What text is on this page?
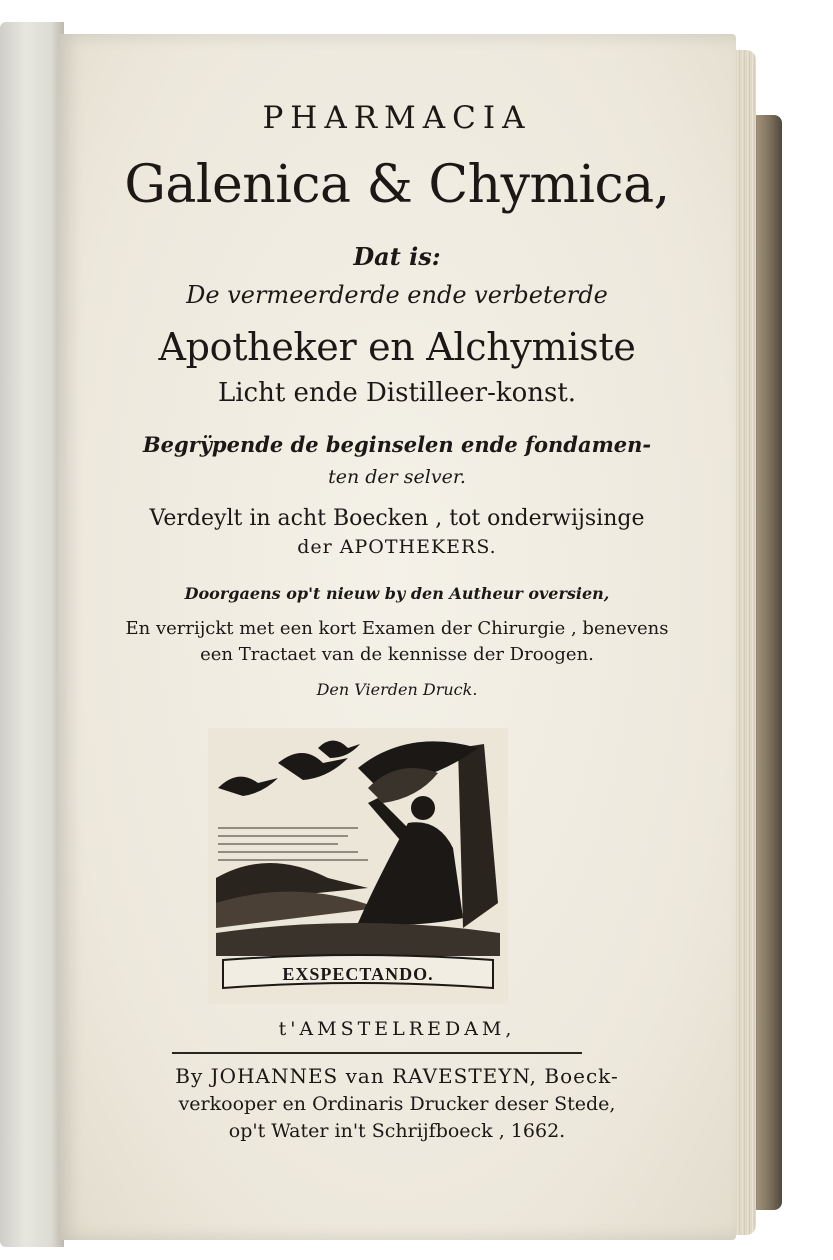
PHARMACIA
Galenica & Chymica,
Dat is:
De vermeerderde ende verbeterde
Apotheker en Alchymiste
Licht ende Distilleer-konst.
Begrÿpende de beginselen ende fondamen-
ten der selver.
Verdeylt in acht Boecken , tot onderwijsinge
der APOTHEKERS.
Doorgaens op't nieuw by den Autheur oversien,
En verrijckt met een kort Examen der Chirurgie , benevens
een Tractaet van de kennisse der Droogen.
Den Vierden Druck.
EXSPECTANDO.
t'AMSTELREDAM,
By JOHANNES van RAVESTEYN, Boeck-
verkooper en Ordinaris Drucker deser Stede,
op't Water in't Schrijfboeck , 1662.
